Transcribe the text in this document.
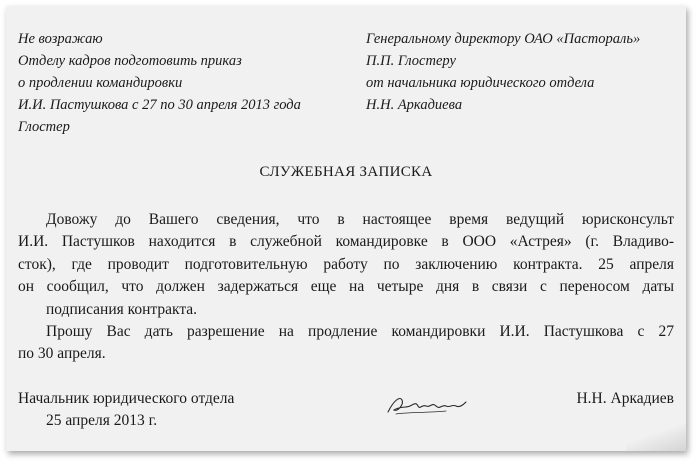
Не возражаю
Отделу кадров подготовить приказ
о продлении командировки
И.И. Пастушкова с 27 по 30 апреля 2013 года
Глостер
Генеральному директору ОАО «Пасторaль»
П.П. Глостеру
от начальника юридического отдела
Н.Н. Аркадиева
СЛУЖЕБНАЯ ЗАПИСКА
Довожу до Вашего сведения, что в настоящее время ведущий юрисконсульт
И.И. Пастушков находится в служебной командировке в ООО «Астрея» (г. Владиво-
сток), где проводит подготовительную работу по заключению контракта. 25 апреля
он сообщил, что должен задержаться еще на четыре дня в связи с переносом даты
подписания контракта.
Прошу Вас дать разрешение на продление командировки И.И. Пастушкова с 27
по 30 апреля.
Начальник юридического отдела
25 апреля 2013 г.
Н.Н. Аркадиев
